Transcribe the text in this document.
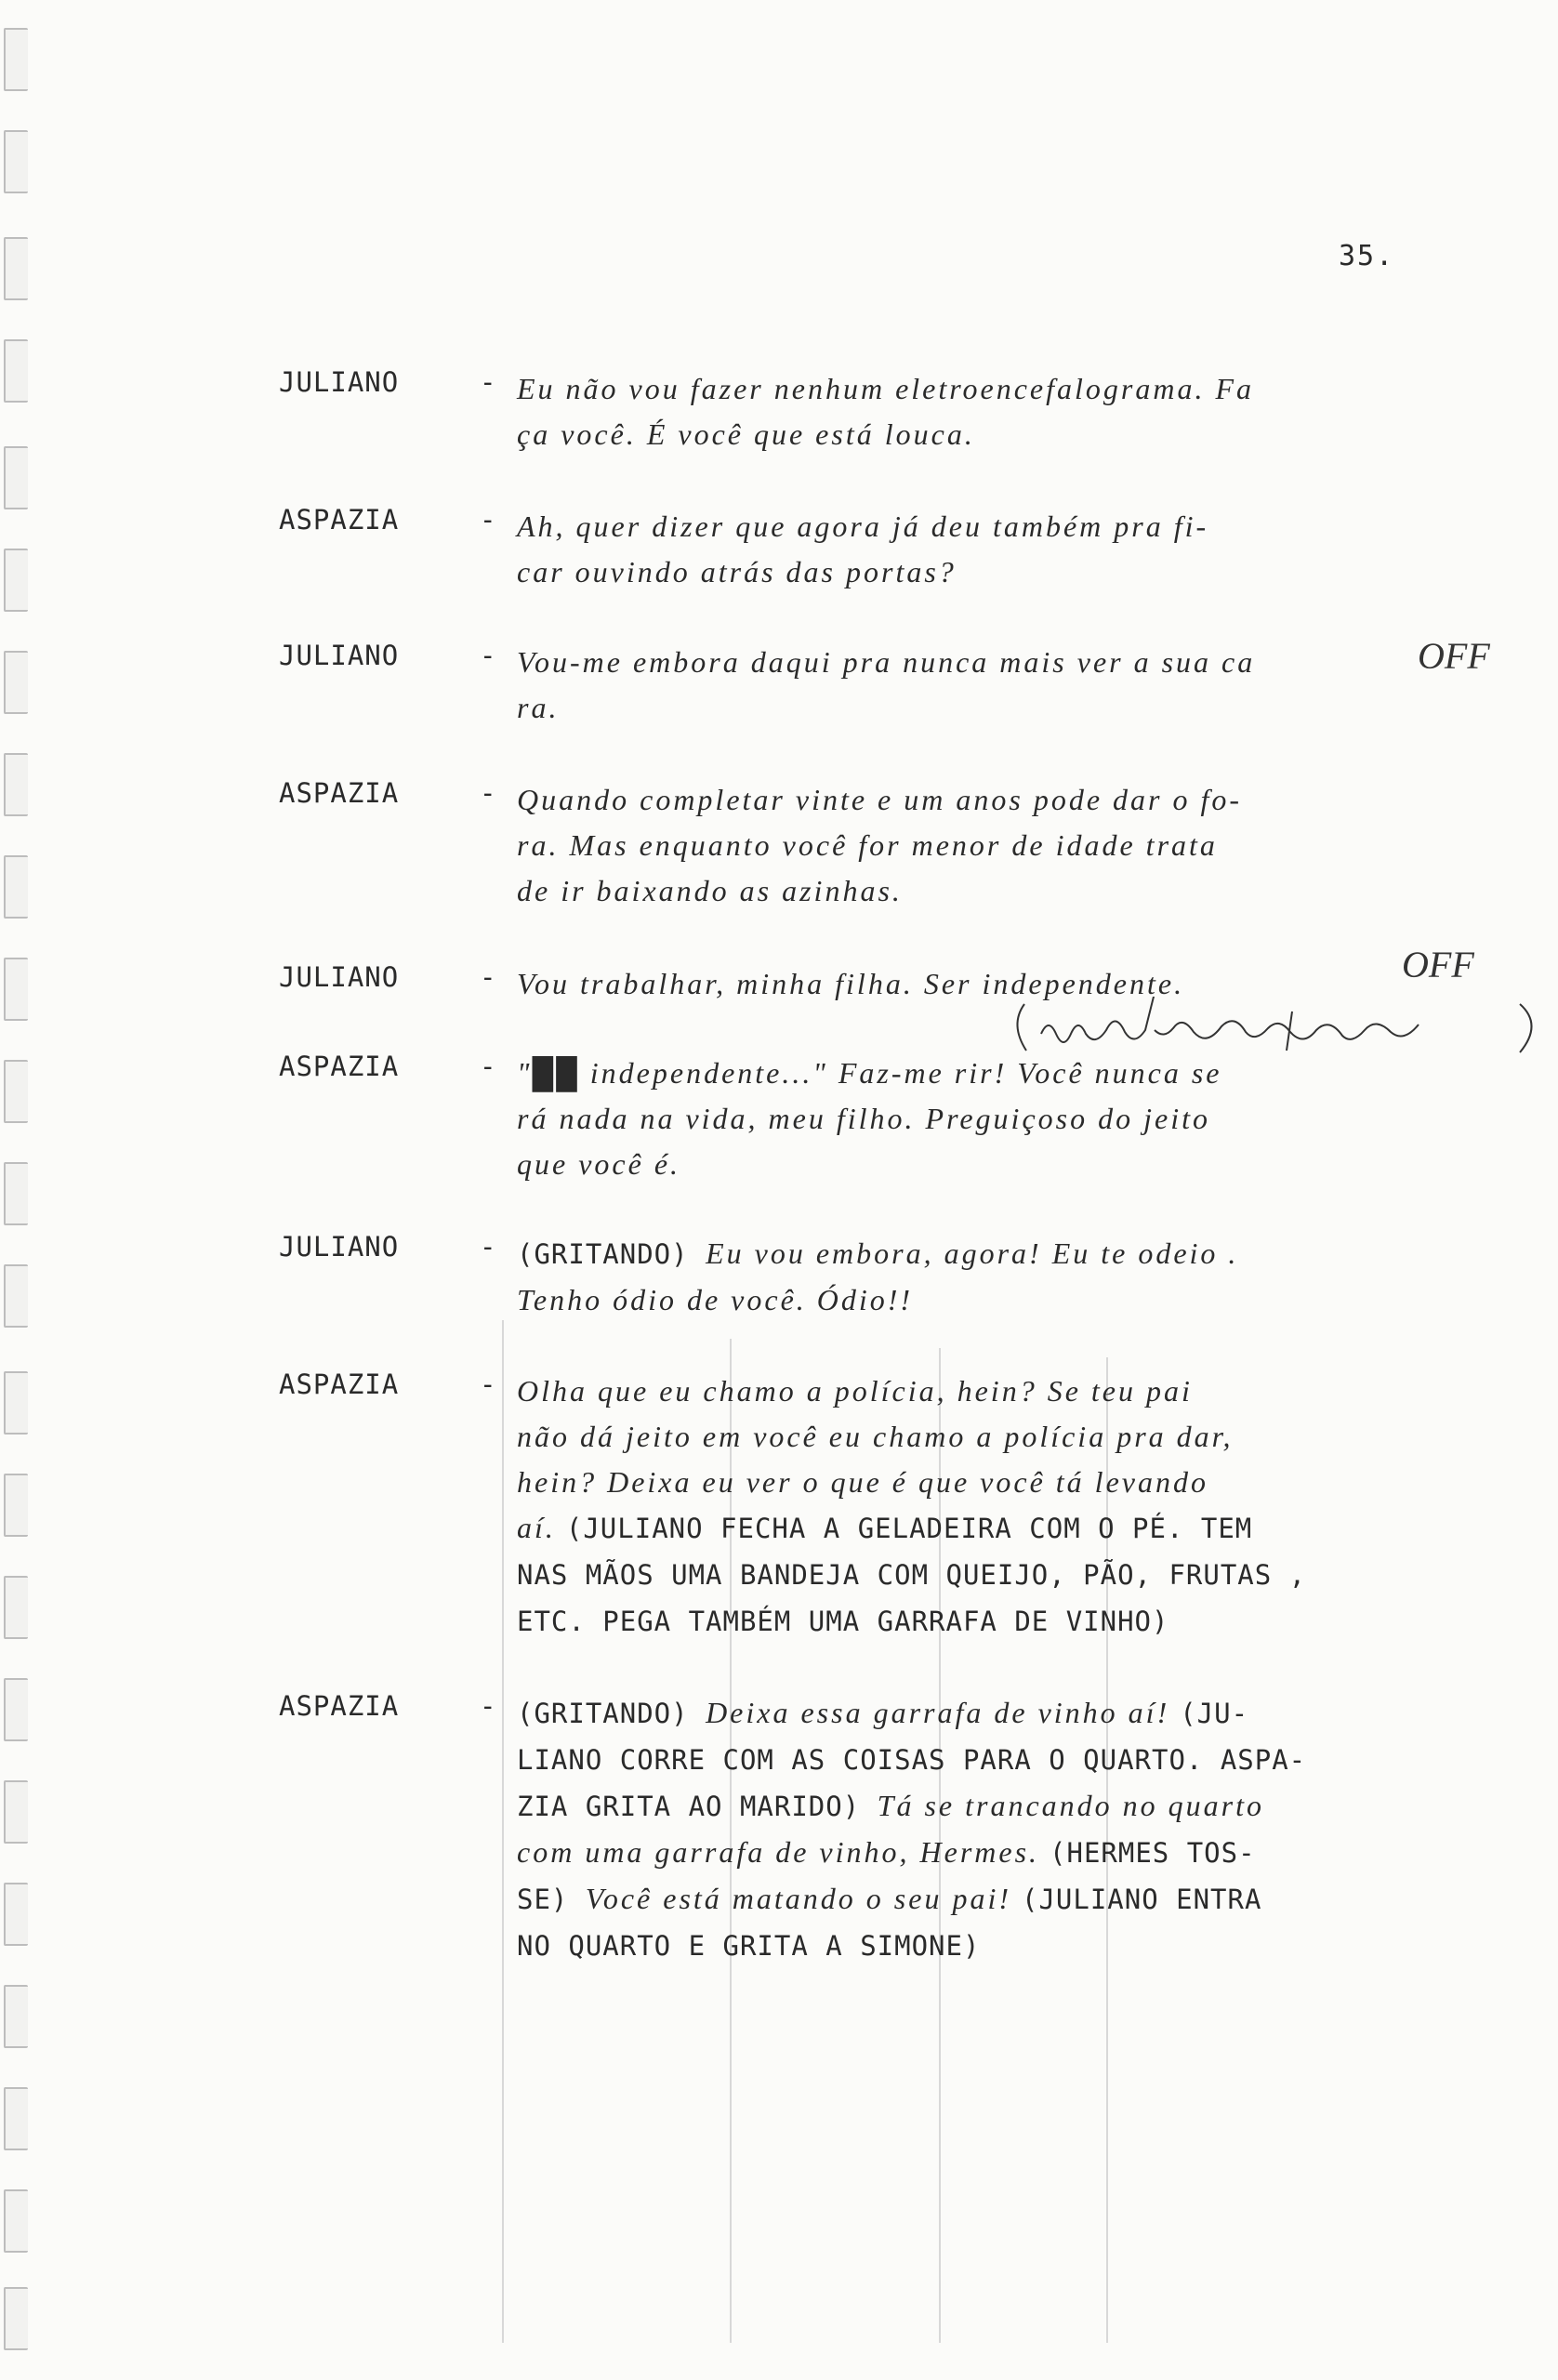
35.
JULIANO	- Eu não vou fazer nenhum eletroencefalograma. Fa
ça você. É você que está louca.
ASPAZIA	- Ah, quer dizer que agora já deu também pra fi-
car ouvindo atrás das portas?
JULIANO	- Vou-me embora daqui pra nunca mais ver a sua ca
ra.
ASPAZIA	- Quando completar vinte e um anos pode dar o fo-
ra. Mas enquanto você for menor de idade trata
de ir baixando as azinhas.
JULIANO	- Vou trabalhar, minha filha. Ser independente.
ASPAZIA	- "██ independente..." Faz-me rir! Você nunca se
rá nada na vida, meu filho. Preguiçoso do jeito
que você é.
JULIANO	- (GRITANDO) Eu vou embora, agora! Eu te odeio .
Tenho ódio de você. Ódio!!
ASPAZIA	- Olha que eu chamo a polícia, hein? Se teu pai
não dá jeito em você eu chamo a polícia pra dar,
hein? Deixa eu ver o que é que você tá levando
aí. (JULIANO FECHA A GELADEIRA COM O PÉ. TEM
NAS MÃOS UMA BANDEJA COM QUEIJO, PÃO, FRUTAS ,
ETC. PEGA TAMBÉM UMA GARRAFA DE VINHO)
ASPAZIA	- (GRITANDO) Deixa essa garrafa de vinho aí! (JU-
LIANO CORRE COM AS COISAS PARA O QUARTO. ASPA-
ZIA GRITA AO MARIDO) Tá se trancando no quarto
com uma garrafa de vinho, Hermes. (HERMES TOS-
SE) Você está matando o seu pai! (JULIANO ENTRA
NO QUARTO E GRITA A SIMONE)
OFF
OFF
